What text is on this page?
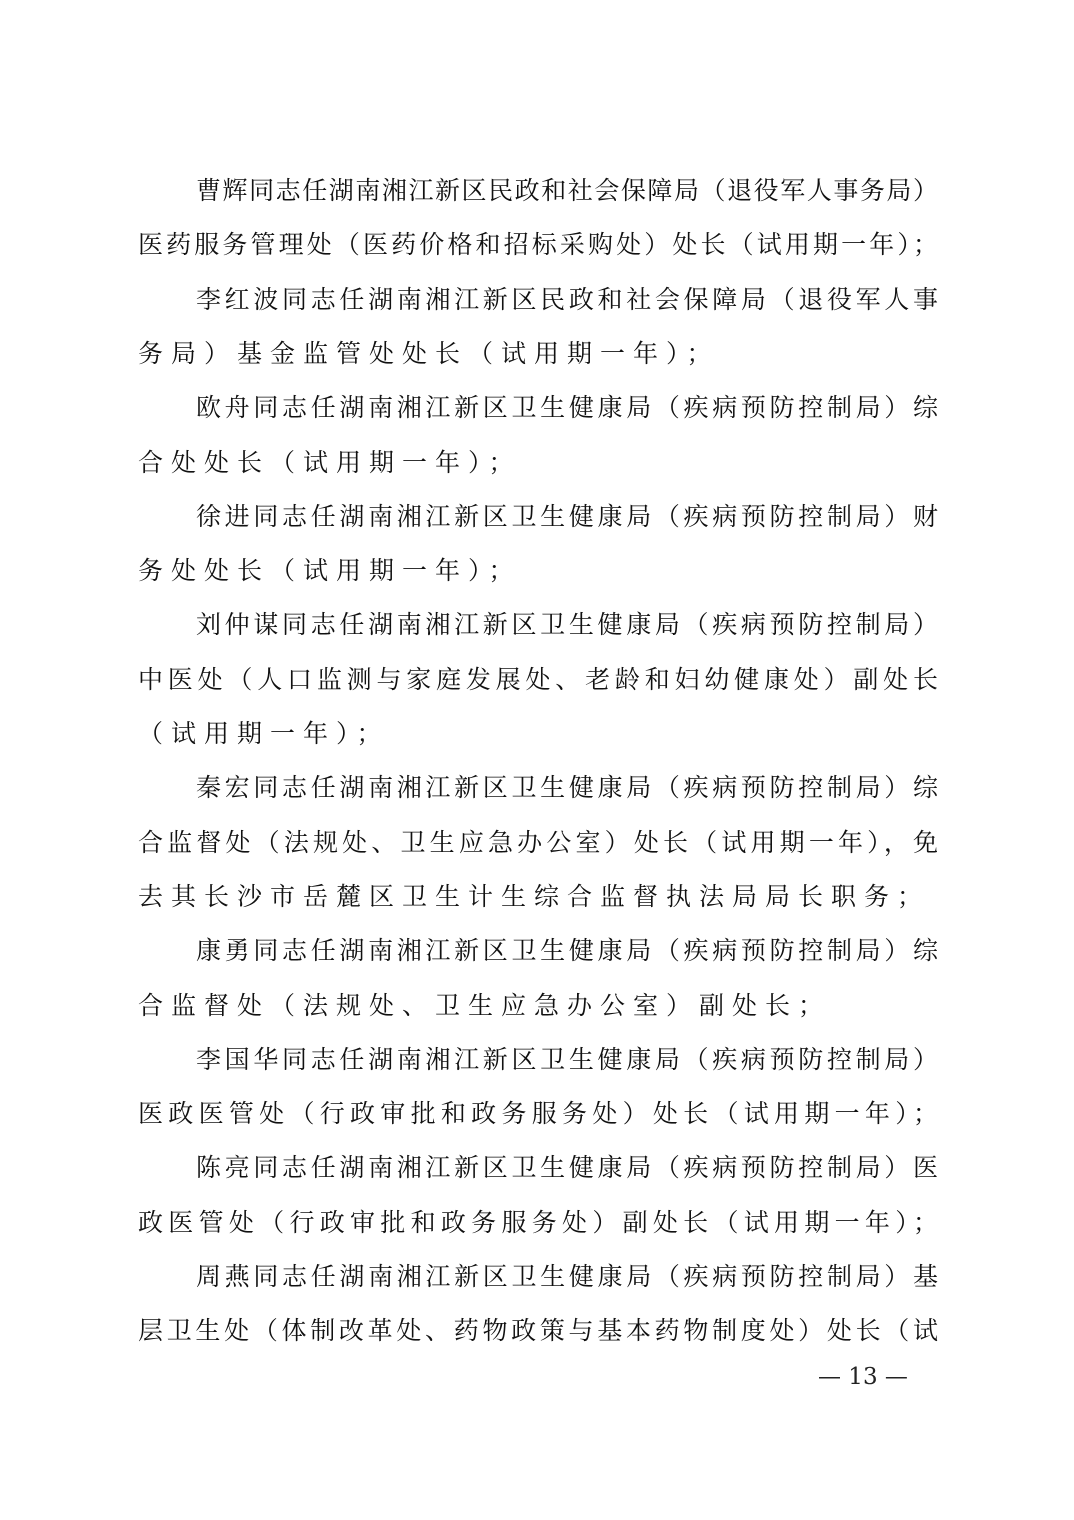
曹辉同志任湖南湘江新区民政和社会保障局（退役军人事务局）
医药服务管理处（医药价格和招标采购处）处长（试用期一年）；
李红波同志任湖南湘江新区民政和社会保障局（退役军人事
务局）基金监管处处长（试用期一年）；
欧舟同志任湖南湘江新区卫生健康局（疾病预防控制局）综
合处处长（试用期一年）；
徐进同志任湖南湘江新区卫生健康局（疾病预防控制局）财
务处处长（试用期一年）；
刘仲谋同志任湖南湘江新区卫生健康局（疾病预防控制局）
中医处（人口监测与家庭发展处、老龄和妇幼健康处）副处长
（试用期一年）；
秦宏同志任湖南湘江新区卫生健康局（疾病预防控制局）综
合监督处（法规处、卫生应急办公室）处长（试用期一年），免
去其长沙市岳麓区卫生计生综合监督执法局局长职务；
康勇同志任湖南湘江新区卫生健康局（疾病预防控制局）综
合监督处（法规处、卫生应急办公室）副处长；
李国华同志任湖南湘江新区卫生健康局（疾病预防控制局）
医政医管处（行政审批和政务服务处）处长（试用期一年）；
陈亮同志任湖南湘江新区卫生健康局（疾病预防控制局）医
政医管处（行政审批和政务服务处）副处长（试用期一年）；
周燕同志任湖南湘江新区卫生健康局（疾病预防控制局）基
层卫生处（体制改革处、药物政策与基本药物制度处）处长（试
— 13 —
